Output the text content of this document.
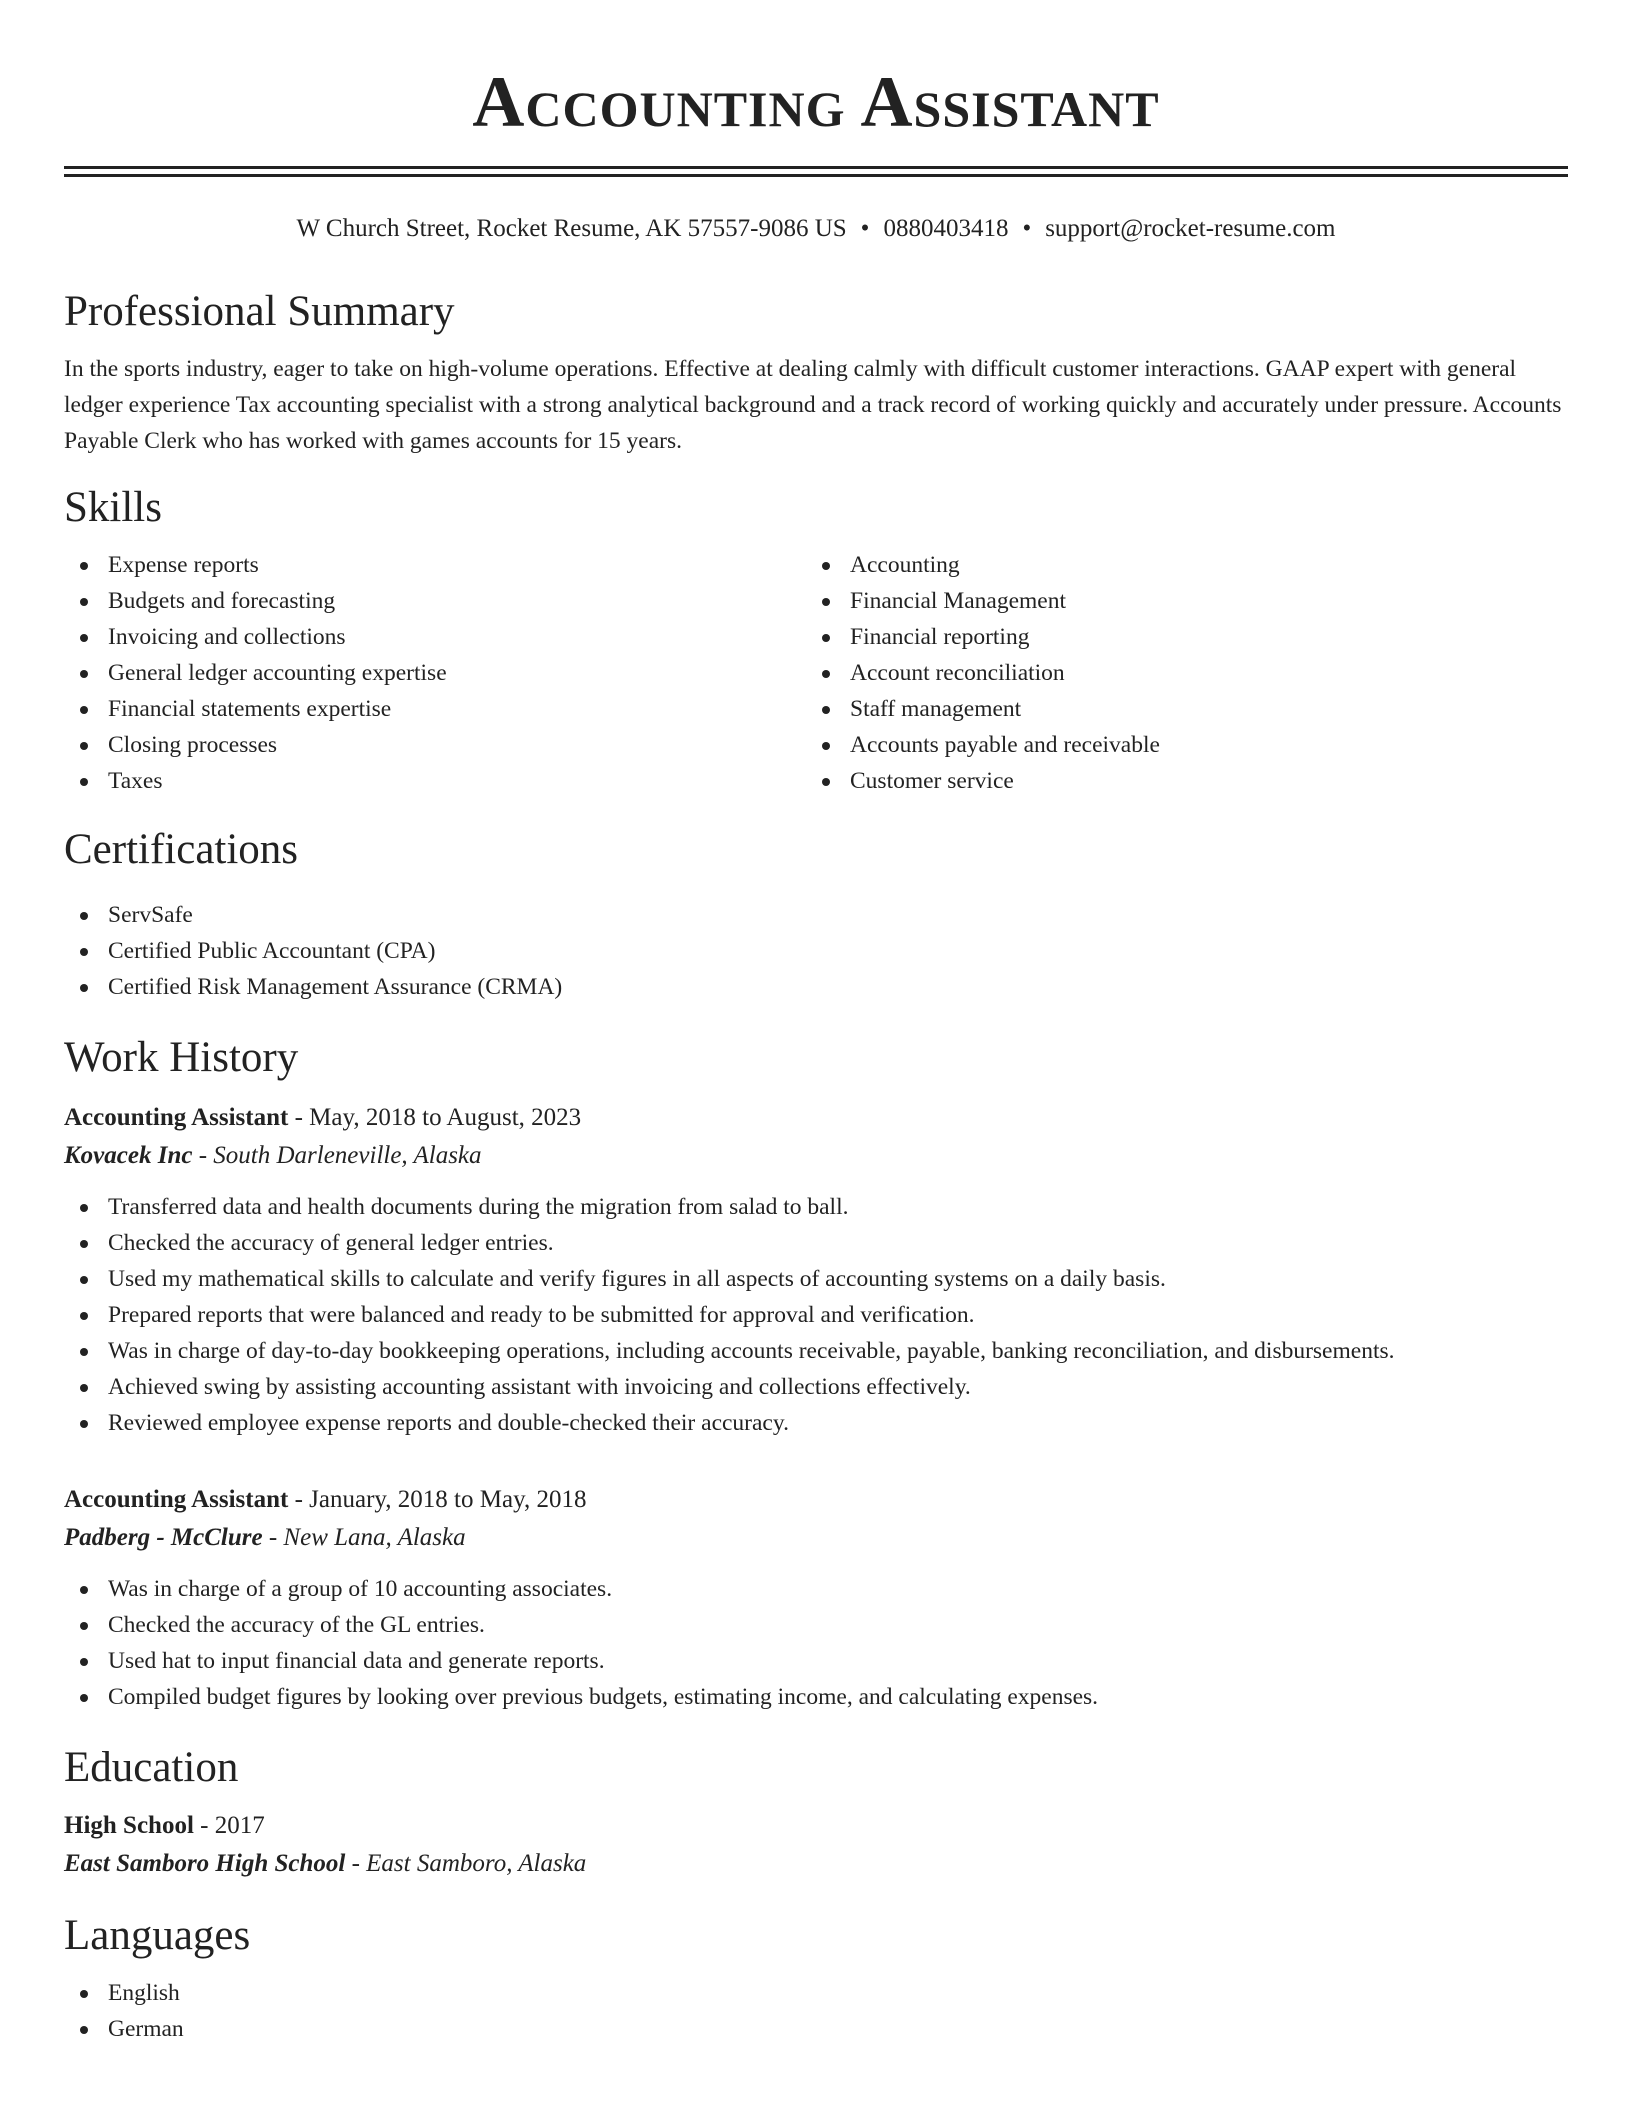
Accounting Assistant
W Church Street, Rocket Resume, AK 57557-9086 US • 0880403418 • support@rocket-resume.com
Professional Summary

In the sports industry, eager to take on high-volume operations. Effective at dealing calmly with difficult customer interactions. GAAP expert with general ledger experience Tax accounting specialist with a strong analytical background and a track record of working quickly and accurately under pressure. Accounts Payable Clerk who has worked with games accounts for 15 years.

Skills
Expense reports
Budgets and forecasting
Invoicing and collections
General ledger accounting expertise
Financial statements expertise
Closing processes
Taxes
Accounting
Financial Management
Financial reporting
Account reconciliation
Staff management
Accounts payable and receivable
Customer service
Certifications
ServSafe
Certified Public Accountant (CPA)
Certified Risk Management Assurance (CRMA)
Work History
Accounting Assistant - May, 2018 to August, 2023
Kovacek Inc - South Darleneville, Alaska
Transferred data and health documents during the migration from salad to ball.
Checked the accuracy of general ledger entries.
Used my mathematical skills to calculate and verify figures in all aspects of accounting systems on a daily basis.
Prepared reports that were balanced and ready to be submitted for approval and verification.
Was in charge of day-to-day bookkeeping operations, including accounts receivable, payable, banking reconciliation, and disbursements.
Achieved swing by assisting accounting assistant with invoicing and collections effectively.
Reviewed employee expense reports and double-checked their accuracy.
Accounting Assistant - January, 2018 to May, 2018
Padberg - McClure - New Lana, Alaska
Was in charge of a group of 10 accounting associates.
Checked the accuracy of the GL entries.
Used hat to input financial data and generate reports.
Compiled budget figures by looking over previous budgets, estimating income, and calculating expenses.
Education
High School - 2017
East Samboro High School - East Samboro, Alaska
Languages
English
German
